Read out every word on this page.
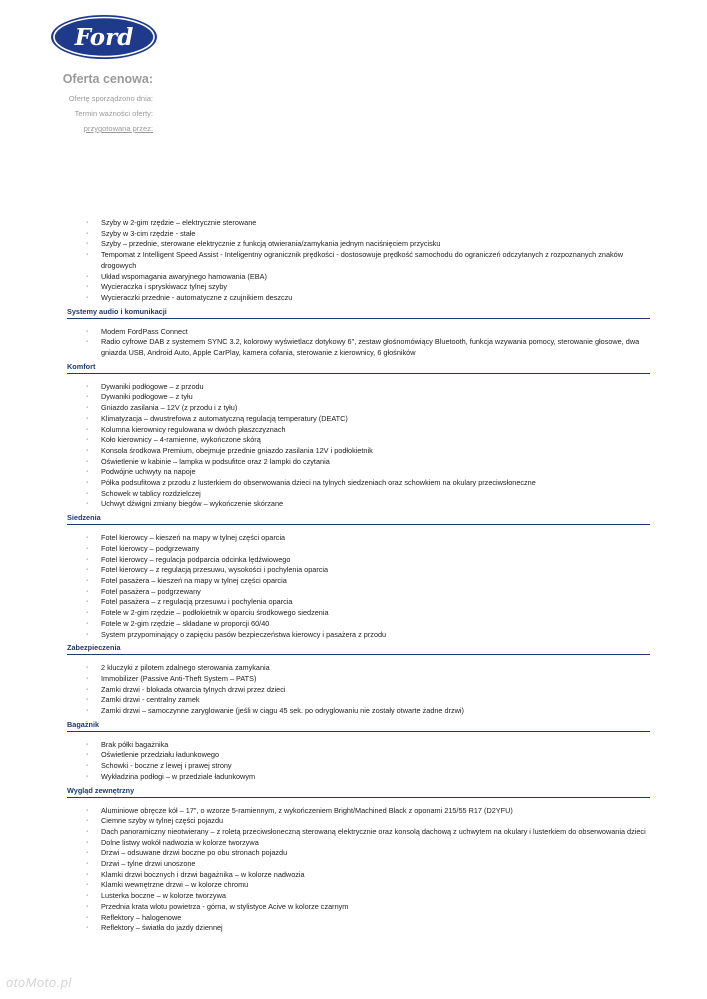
Ford
Oferta cenowa:
Ofertę sporządzono dnia:
Termin ważności oferty:
przygotowana przez:
▪ Szyby w 2-gim rzędzie – elektrycznie sterowane
▪ Szyby w 3-cim rzędzie - stałe
▪ Szyby – przednie, sterowane elektrycznie z funkcją otwierania/zamykania jednym naciśnięciem przycisku
▪ Tempomat z Intelligent Speed Assist - Inteligentny ogranicznik prędkości - dostosowuje prędkość samochodu do ograniczeń odczytanych z rozpoznanych znaków drogowych
▪ Układ wspomagania awaryjnego hamowania (EBA)
▪ Wycieraczka i spryskiwacz tylnej szyby
▪ Wycieraczki przednie - automatyczne z czujnikiem deszczu
Systemy audio i komunikacji
▪ Modem FordPass Connect
▪ Radio cyfrowe DAB z systemem SYNC 3.2, kolorowy wyświetlacz dotykowy 6", zestaw głośnomówiący Bluetooth, funkcja wzywania pomocy, sterowanie głosowe, dwa gniazda USB, Android Auto, Apple CarPlay, kamera cofania, sterowanie z kierownicy, 6 głośników
Komfort
▪ Dywaniki podłogowe – z przodu
▪ Dywaniki podłogowe – z tyłu
▪ Gniazdo zasilania – 12V (z przodu i z tyłu)
▪ Klimatyzacja – dwustrefowa z automatyczną regulacją temperatury (DEATC)
▪ Kolumna kierownicy regulowana w dwóch płaszczyznach
▪ Koło kierownicy – 4-ramienne, wykończone skórą
▪ Konsola środkowa Premium, obejmuje przednie gniazdo zasilania 12V i podłokietnik
▪ Oświetlenie w kabinie – lampka w podsufitce oraz 2 lampki do czytania
▪ Podwójne uchwyty na napoje
▪ Półka podsufitowa z przodu z lusterkiem do obserwowania dzieci na tylnych siedzeniach oraz schowkiem na okulary przeciwsłoneczne
▪ Schowek w tablicy rozdzielczej
▪ Uchwyt dźwigni zmiany biegów – wykończenie skórzane
Siedzenia
▪ Fotel kierowcy – kieszeń na mapy w tylnej części oparcia
▪ Fotel kierowcy – podgrzewany
▪ Fotel kierowcy – regulacja podparcia odcinka lędźwiowego
▪ Fotel kierowcy – z regulacją przesuwu, wysokości i pochylenia oparcia
▪ Fotel pasażera – kieszeń na mapy w tylnej części oparcia
▪ Fotel pasażera – podgrzewany
▪ Fotel pasażera – z regulacją przesuwu i pochylenia oparcia
▪ Fotele w 2-gim rzędzie – podłokietnik w oparciu środkowego siedzenia
▪ Fotele w 2-gim rzędzie – składane w proporcji 60/40
▪ System przypominający o zapięciu pasów bezpieczeństwa kierowcy i pasażera z przodu
Zabezpieczenia
▪ 2 kluczyki z pilotem zdalnego sterowania zamykania
▪ Immobilizer (Passive Anti-Theft System – PATS)
▪ Zamki drzwi - blokada otwarcia tylnych drzwi przez dzieci
▪ Zamki drzwi - centralny zamek
▪ Zamki drzwi – samoczynne zaryglowanie (jeśli w ciągu 45 sek. po odryglowaniu nie zostały otwarte żadne drzwi)
Bagażnik
▪ Brak półki bagażnika
▪ Oświetlenie przedziału ładunkowego
▪ Schowki - boczne z lewej i prawej strony
▪ Wykładzina podłogi – w przedziale ładunkowym
Wygląd zewnętrzny
▪ Aluminiowe obręcze kół – 17", o wzorze 5-ramiennym, z wykończeniem Bright/Machined Black z oponami 215/55 R17 (D2YFU)
▪ Ciemne szyby w tylnej części pojazdu
▪ Dach panoramiczny nieotwierany – z roletą przeciwsłoneczną sterowaną elektrycznie oraz konsolą dachową z uchwytem na okulary i lusterkiem do obserwowania dzieci
▪ Dolne listwy wokół nadwozia w kolorze tworzywa
▪ Drzwi – odsuwane drzwi boczne po obu stronach pojazdu
▪ Drzwi – tylne drzwi unoszone
▪ Klamki drzwi bocznych i drzwi bagażnika – w kolorze nadwozia
▪ Klamki wewnętrzne drzwi – w kolorze chromu
▪ Lusterka boczne – w kolorze tworzywa
▪ Przednia krata wlotu powietrza - górna, w stylistyce Acive w kolorze czarnym
▪ Reflektory – halogenowe
▪ Reflektory – światła do jazdy dziennej
otoMoto.pl
